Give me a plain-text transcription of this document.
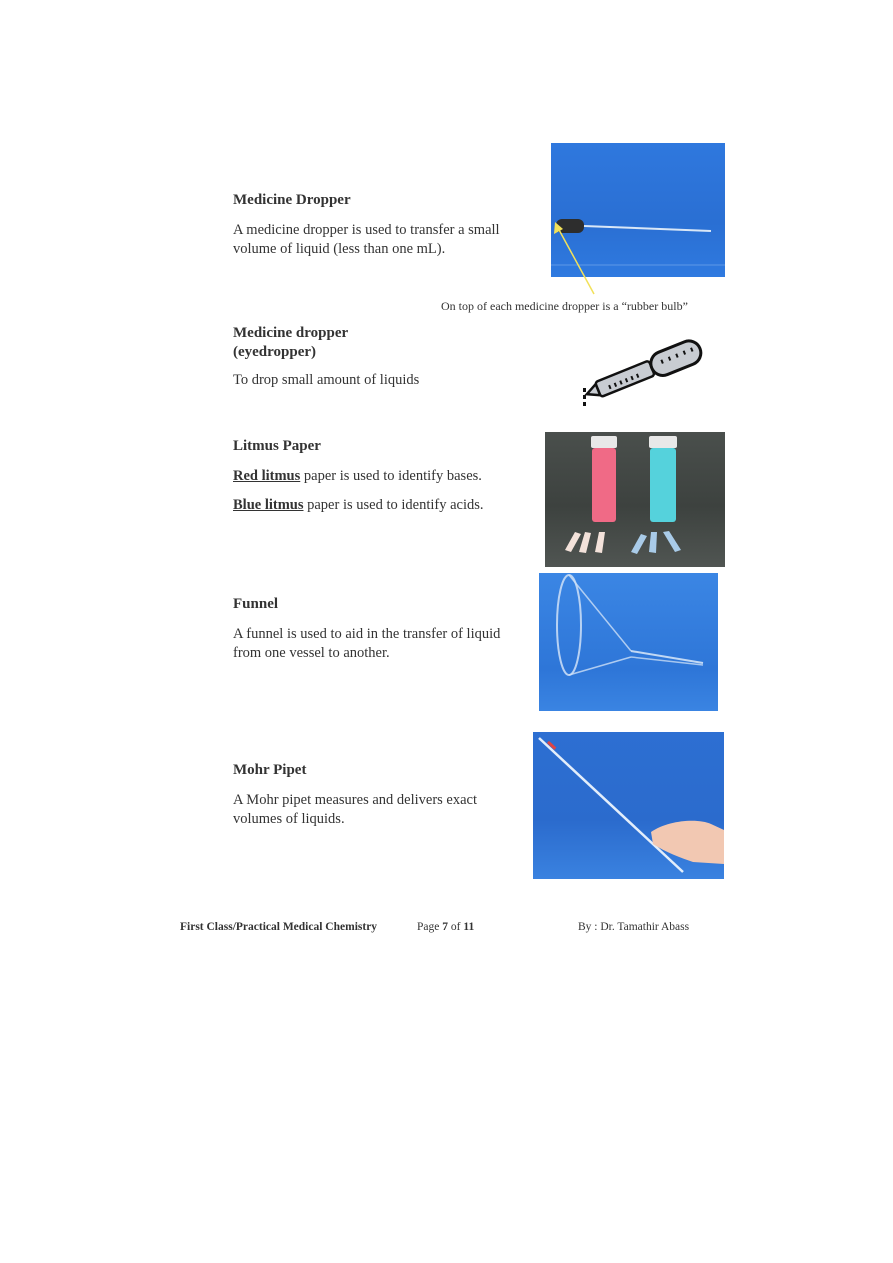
Medicine Dropper

A medicine dropper is used to transfer a small

volume of liquid (less than one mL).

On top of each medicine dropper is a “rubber bulb”

Medicine dropper

(eyedropper)

To drop small amount of liquids

Litmus Paper

Red litmus paper is used to identify bases.

Blue litmus paper is used to identify acids.

Funnel

A funnel is used to aid in the transfer of liquid

from one vessel to another.

Mohr Pipet

A Mohr pipet measures and delivers exact

volumes of liquids.

First Class/Practical Medical Chemistry	Page 7 of 11	By : Dr. Tamathir Abass
